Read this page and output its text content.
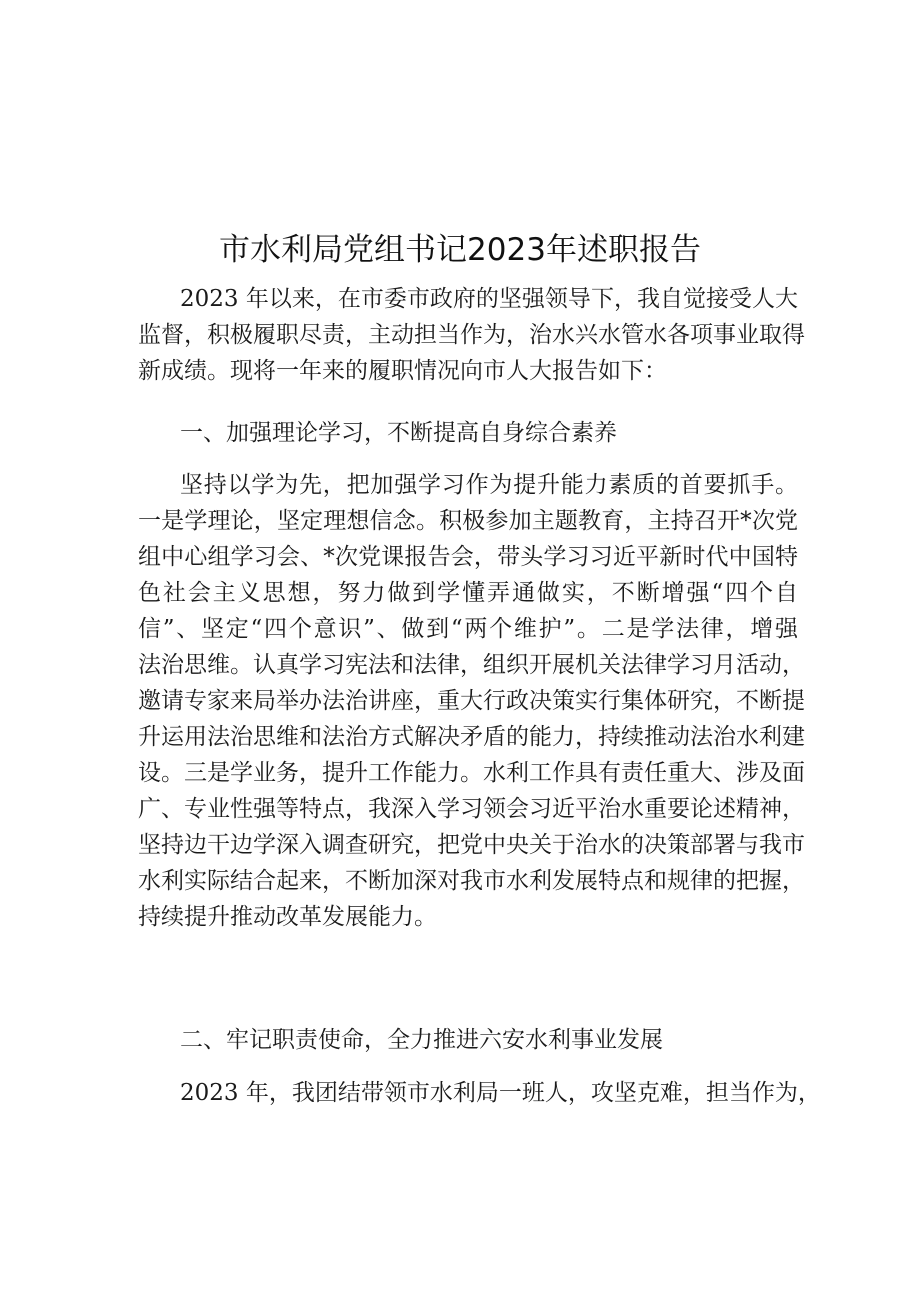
市水利局党组书记2023年述职报告
2023 年以来，在市委市政府的坚强领导下，我自觉接受人大
监督，积极履职尽责，主动担当作为，治水兴水管水各项事业取得
新成绩。现将一年来的履职情况向市人大报告如下：
一、加强理论学习，不断提高自身综合素养
坚持以学为先，把加强学习作为提升能力素质的首要抓手。
一是学理论，坚定理想信念。积极参加主题教育，主持召开*次党
组中心组学习会、*次党课报告会，带头学习习近平新时代中国特
色社会主义思想，努力做到学懂弄通做实，不断增强“四个自
信”、坚定“四个意识”、做到“两个维护”。二是学法律，增强
法治思维。认真学习宪法和法律，组织开展机关法律学习月活动，
邀请专家来局举办法治讲座，重大行政决策实行集体研究，不断提
升运用法治思维和法治方式解决矛盾的能力，持续推动法治水利建
设。三是学业务，提升工作能力。水利工作具有责任重大、涉及面
广、专业性强等特点，我深入学习领会习近平治水重要论述精神，
坚持边干边学深入调查研究，把党中央关于治水的决策部署与我市
水利实际结合起来，不断加深对我市水利发展特点和规律的把握，
持续提升推动改革发展能力。
二、牢记职责使命，全力推进六安水利事业发展
2023 年，我团结带领市水利局一班人，攻坚克难，担当作为，
